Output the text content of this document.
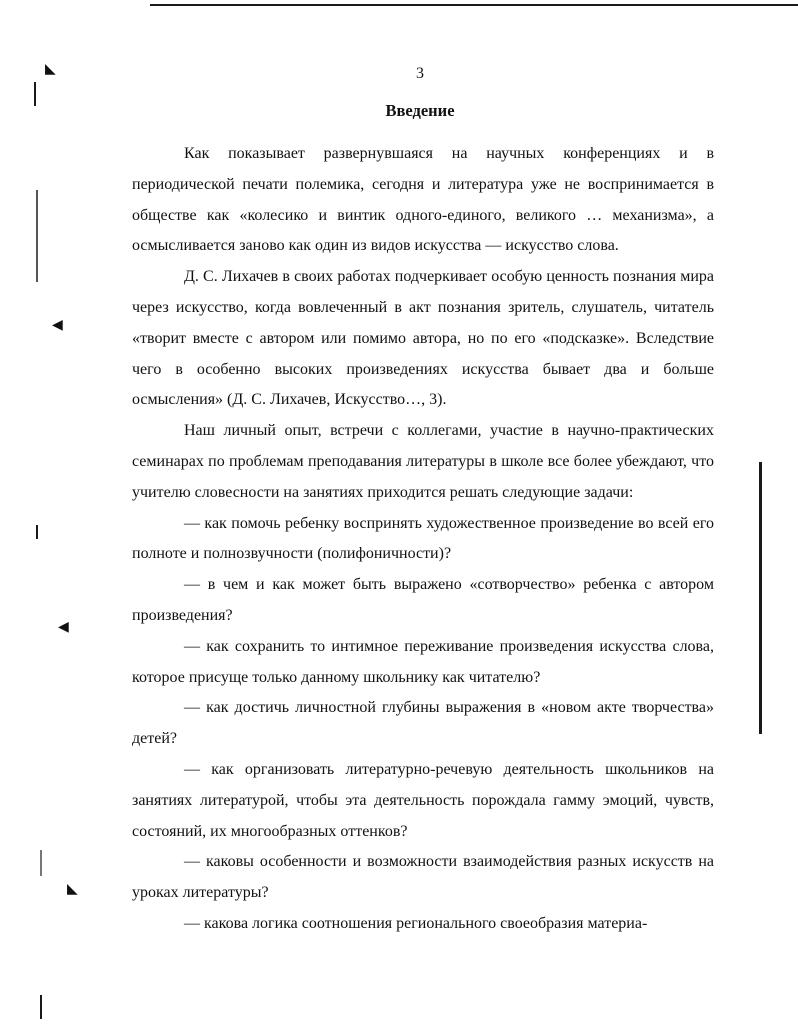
◣
◀
◀
◣
3
Введение

Как показывает развернувшаяся на научных конференциях и в периодической печати полемика, сегодня и литература уже не воспринимается в обществе как «колесико и винтик одного-единого, великого … механизма», а осмысливается заново как один из видов искусства — искусство слова.

Д. С. Лихачев в своих работах подчеркивает особую ценность познания мира через искусство, когда вовлеченный в акт познания зритель, слушатель, читатель «творит вместе с автором или помимо автора, но по его «подсказке». Вследствие чего в особенно высоких произведениях искусства бывает два и больше осмысления» (Д. С. Лихачев, Искусство…, 3).

Наш личный опыт, встречи с коллегами, участие в научно-практических семинарах по проблемам преподавания литературы в школе все более убеждают, что учителю словесности на занятиях приходится решать следующие задачи:

— как помочь ребенку воспринять художественное произведение во всей его полноте и полнозвучности (полифоничности)?

— в чем и как может быть выражено «сотворчество» ребенка с автором произведения?

— как сохранить то интимное переживание произведения искусства слова, которое присуще только данному школьнику как читателю?

— как достичь личностной глубины выражения в «новом акте творчества» детей?

— как организовать литературно-речевую деятельность школьников на занятиях литературой, чтобы эта деятельность порождала гамму эмоций, чувств, состояний, их многообразных оттенков?

— каковы особенности и возможности взаимодействия разных искусств на уроках литературы?

— какова логика соотношения регионального своеобразия материа-
